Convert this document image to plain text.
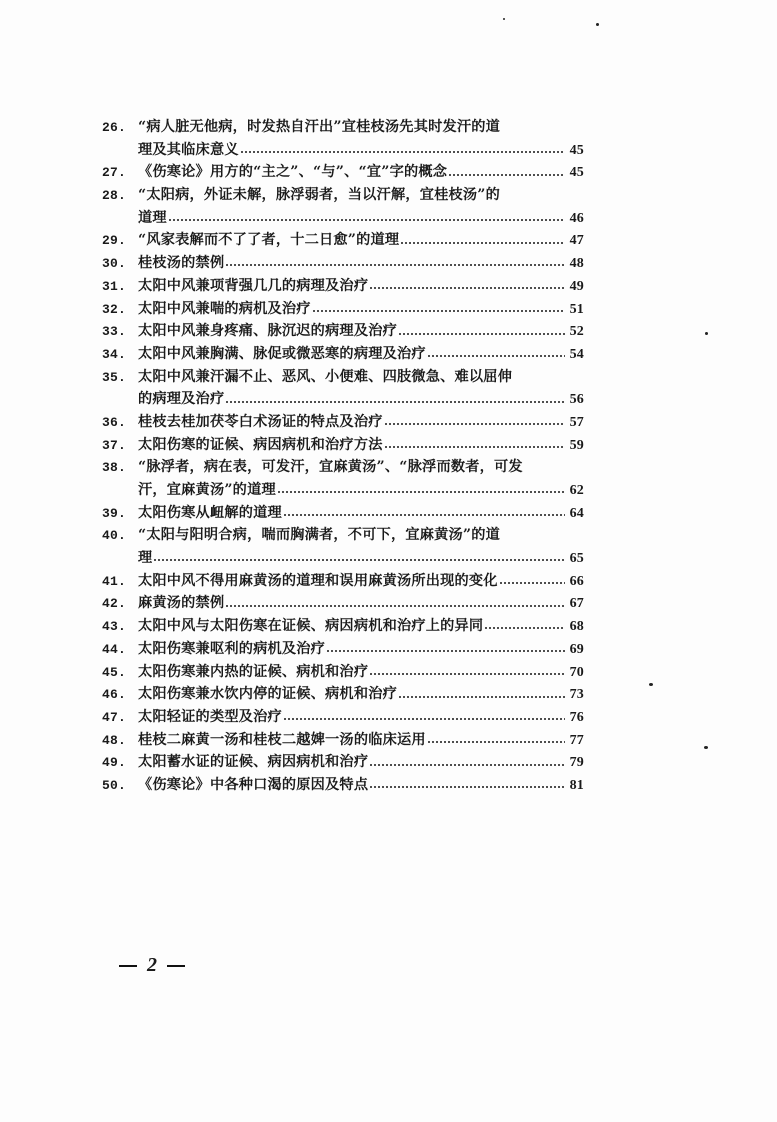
26. “病人脏无他病，时发热自汗出”宜桂枝汤先其时发汗的道
理及其临床意义	45
27. 《伤寒论》用方的“主之”、“与”、“宜”字的概念	45
28. “太阳病，外证未解，脉浮弱者，当以汗解，宜桂枝汤”的
道理	46
29. “风家表解而不了了者，十二日愈”的道理	47
30. 桂枝汤的禁例	48
31. 太阳中风兼项背强几几的病理及治疗	49
32. 太阳中风兼喘的病机及治疗	51
33. 太阳中风兼身疼痛、脉沉迟的病理及治疗	52
34. 太阳中风兼胸满、脉促或微恶寒的病理及治疗	54
35. 太阳中风兼汗漏不止、恶风、小便难、四肢微急、难以屈伸
的病理及治疗	56
36. 桂枝去桂加茯苓白术汤证的特点及治疗	57
37. 太阳伤寒的证候、病因病机和治疗方法	59
38. “脉浮者，病在表，可发汗，宜麻黄汤”、“脉浮而数者，可发
汗，宜麻黄汤”的道理	62
39. 太阳伤寒从衄解的道理	64
40. “太阳与阳明合病，喘而胸满者，不可下，宜麻黄汤”的道
理	65
41. 太阳中风不得用麻黄汤的道理和误用麻黄汤所出现的变化	66
42. 麻黄汤的禁例	67
43. 太阳中风与太阳伤寒在证候、病因病机和治疗上的异同	68
44. 太阳伤寒兼呕利的病机及治疗	69
45. 太阳伤寒兼内热的证候、病机和治疗	70
46. 太阳伤寒兼水饮内停的证候、病机和治疗	73
47. 太阳轻证的类型及治疗	76
48. 桂枝二麻黄一汤和桂枝二越婢一汤的临床运用	77
49. 太阳蓄水证的证候、病因病机和治疗	79
50. 《伤寒论》中各种口渴的原因及特点	81
2
